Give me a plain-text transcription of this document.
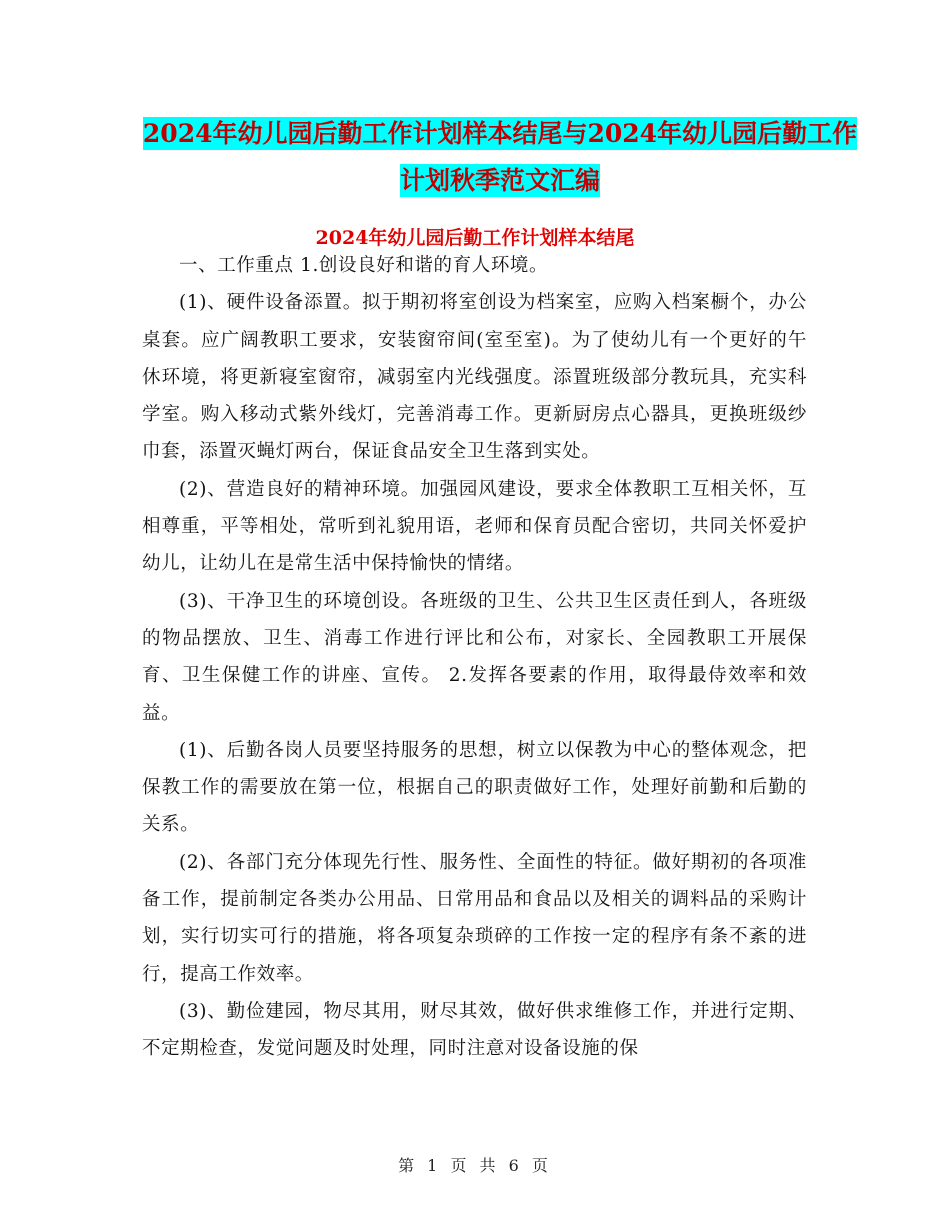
2024年幼儿园后勤工作计划样本结尾与2024年幼儿园后勤工作计划秋季范文汇编
2024年幼儿园后勤工作计划样本结尾

一、工作重点 1.创设良好和谐的育人环境。

(1)、硬件设备添置。拟于期初将室创设为档案室，应购入档案橱个，办公桌套。应广阔教职工要求，安装窗帘间(室至室)。为了使幼儿有一个更好的午休环境，将更新寝室窗帘，减弱室内光线强度。添置班级部分教玩具，充实科学室。购入移动式紫外线灯，完善消毒工作。更新厨房点心器具，更换班级纱巾套，添置灭蝇灯两台，保证食品安全卫生落到实处。

(2)、营造良好的精神环境。加强园风建设，要求全体教职工互相关怀，互相尊重，平等相处，常听到礼貌用语，老师和保育员配合密切，共同关怀爱护幼儿，让幼儿在是常生活中保持愉快的情绪。

(3)、干净卫生的环境创设。各班级的卫生、公共卫生区责任到人，各班级的物品摆放、卫生、消毒工作进行评比和公布，对家长、全园教职工开展保育、卫生保健工作的讲座、宣传。 2.发挥各要素的作用，取得最侍效率和效益。

(1)、后勤各岗人员要坚持服务的思想，树立以保教为中心的整体观念，把保教工作的需要放在第一位，根据自己的职责做好工作，处理好前勤和后勤的关系。

(2)、各部门充分体现先行性、服务性、全面性的特征。做好期初的各项准备工作，提前制定各类办公用品、日常用品和食品以及相关的调料品的采购计划，实行切实可行的措施，将各项复杂琐碎的工作按一定的程序有条不紊的进行，提高工作效率。

(3)、勤俭建园，物尽其用，财尽其效，做好供求维修工作，并进行定期、不定期检查，发觉问题及时处理，同时注意对设备设施的保

第 1 页 共 6 页
